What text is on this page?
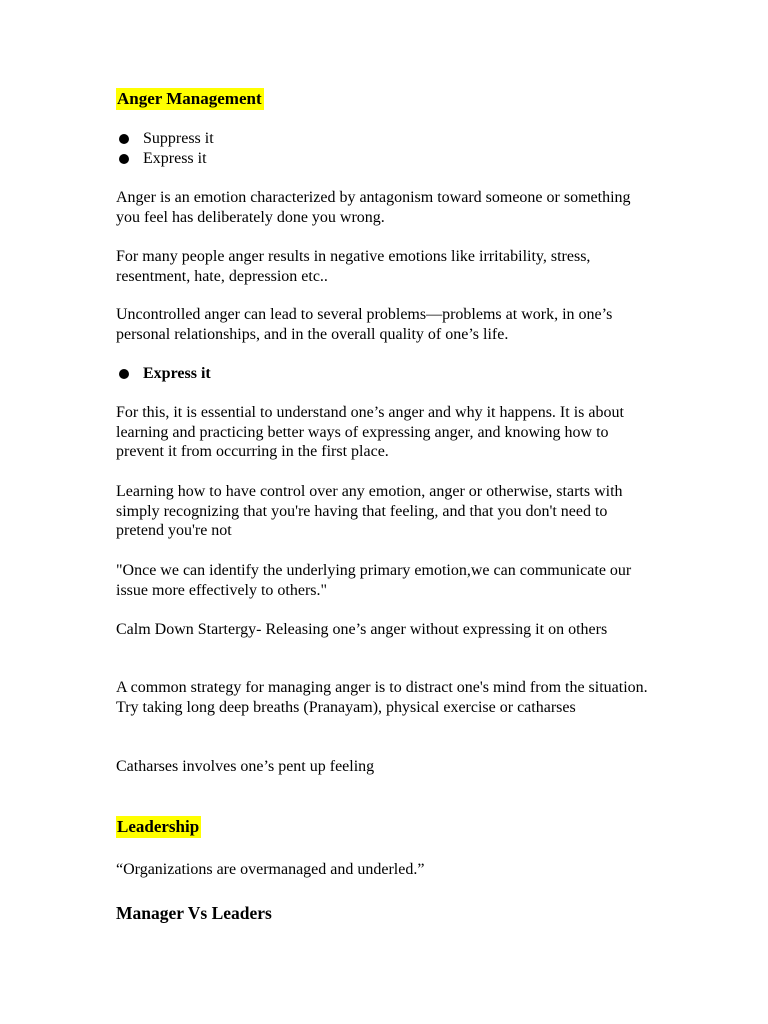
Anger Management
Suppress it
Express it

Anger is an emotion characterized by antagonism toward someone or something you feel has deliberately done you wrong.

For many people anger results in negative emotions like irritability, stress, resentment, hate, depression etc..

Uncontrolled anger can lead to several problems—problems at work, in one’s personal relationships, and in the overall quality of one’s life.

Express it

For this, it is essential to understand one’s anger and why it happens. It is about learning and practicing better ways of expressing anger, and knowing how to prevent it from occurring in the first place.

Learning how to have control over any emotion, anger or otherwise, starts with simply recognizing that you're having that feeling, and that you don't need to pretend you're not

"Once we can identify the underlying primary emotion,we can communicate our issue more effectively to others."

Calm Down Startergy- Releasing one’s anger without expressing it on others

A common strategy for managing anger is to distract one's mind from the situation. Try taking long deep breaths (Pranayam), physical exercise or catharses

Catharses involves one’s pent up feeling

Leadership

“Organizations are overmanaged and underled.”

Manager Vs Leaders
